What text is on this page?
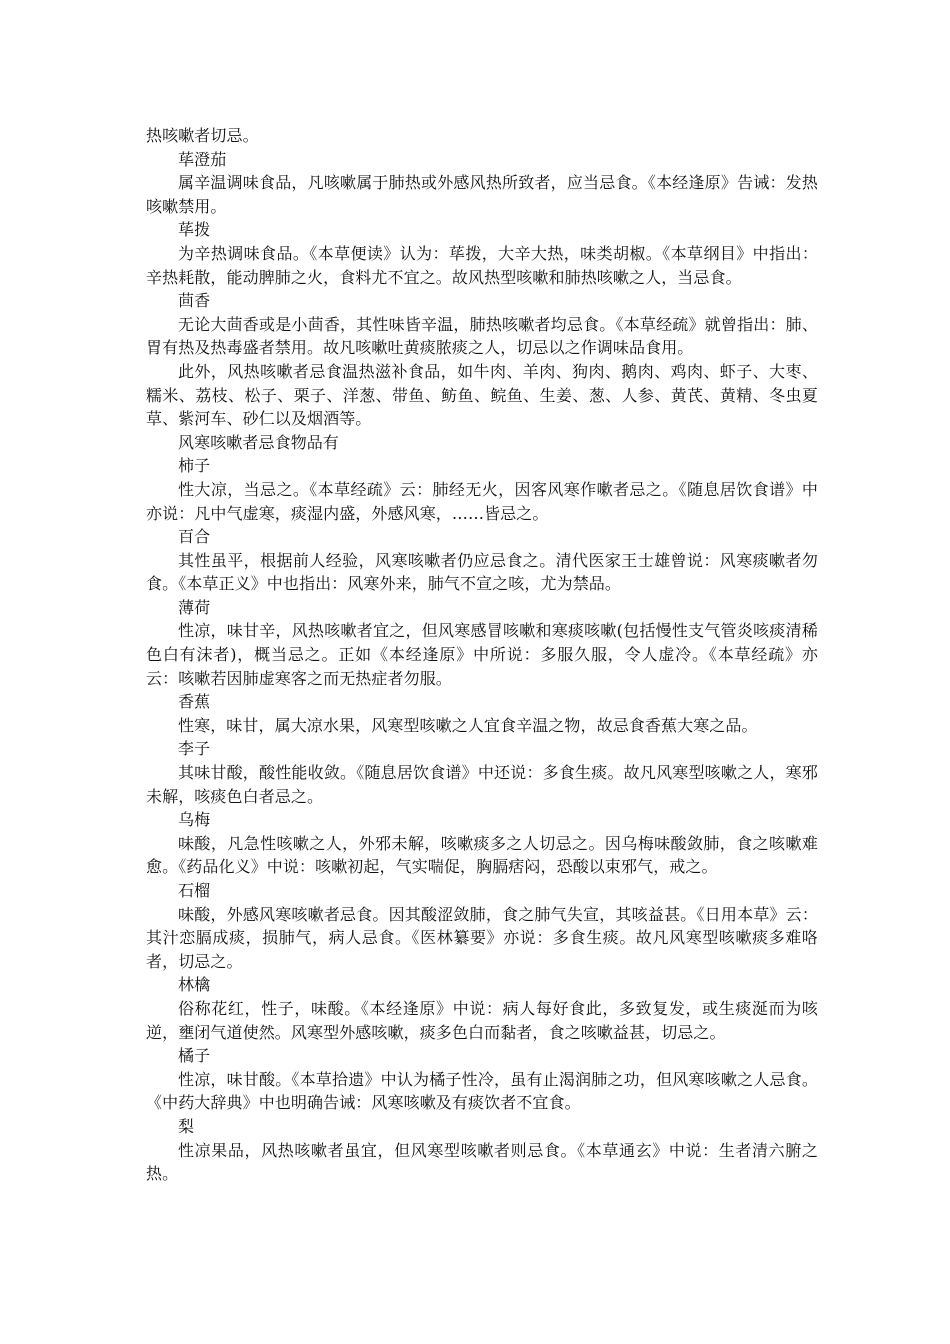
热咳嗽者切忌。

荜澄茄

属辛温调味食品，凡咳嗽属于肺热或外感风热所致者，应当忌食。《本经逢原》告诫：发热咳嗽禁用。

荜拨

为辛热调味食品。《本草便读》认为：荜拨，大辛大热，味类胡椒。《本草纲目》中指出：辛热耗散，能动脾肺之火，食料尤不宜之。故风热型咳嗽和肺热咳嗽之人，当忌食。

茴香

无论大茴香或是小茴香，其性味皆辛温，肺热咳嗽者均忌食。《本草经疏》就曾指出：肺、胃有热及热毒盛者禁用。故凡咳嗽吐黄痰脓痰之人，切忌以之作调味品食用。

此外，风热咳嗽者忌食温热滋补食品，如牛肉、羊肉、狗肉、鹅肉、鸡肉、虾子、大枣、糯米、荔枝、松子、栗子、洋葱、带鱼、鲂鱼、鲩鱼、生姜、葱、人参、黄芪、黄精、冬虫夏草、紫河车、砂仁以及烟酒等。

风寒咳嗽者忌食物品有

柿子

性大凉，当忌之。《本草经疏》云：肺经无火，因客风寒作嗽者忌之。《随息居饮食谱》中亦说：凡中气虚寒，痰湿内盛，外感风寒，……皆忌之。

百合

其性虽平，根据前人经验，风寒咳嗽者仍应忌食之。清代医家王士雄曾说：风寒痰嗽者勿食。《本草正义》中也指出：风寒外来，肺气不宣之咳，尤为禁品。

薄荷

性凉，味甘辛，风热咳嗽者宜之，但风寒感冒咳嗽和寒痰咳嗽(包括慢性支气管炎咳痰清稀色白有沫者)，概当忌之。正如《本经逢原》中所说：多服久服，令人虚冷。《本草经疏》亦云：咳嗽若因肺虚寒客之而无热症者勿服。

香蕉

性寒，味甘，属大凉水果，风寒型咳嗽之人宜食辛温之物，故忌食香蕉大寒之品。

李子

其味甘酸，酸性能收敛。《随息居饮食谱》中还说：多食生痰。故凡风寒型咳嗽之人，寒邪未解，咳痰色白者忌之。

乌梅

味酸，凡急性咳嗽之人，外邪未解，咳嗽痰多之人切忌之。因乌梅味酸敛肺，食之咳嗽难愈。《药品化义》中说：咳嗽初起，气实喘促，胸膈痞闷，恐酸以束邪气，戒之。

石榴

味酸，外感风寒咳嗽者忌食。因其酸涩敛肺，食之肺气失宣，其咳益甚。《日用本草》云：其汁恋膈成痰，损肺气，病人忌食。《医林纂要》亦说：多食生痰。故凡风寒型咳嗽痰多难咯者，切忌之。

林檎

俗称花红，性子，味酸。《本经逢原》中说：病人每好食此，多致复发，或生痰涎而为咳逆，壅闭气道使然。风寒型外感咳嗽，痰多色白而黏者，食之咳嗽益甚，切忌之。

橘子

性凉，味甘酸。《本草拾遗》中认为橘子性冷，虽有止渴润肺之功，但风寒咳嗽之人忌食。《中药大辞典》中也明确告诫：风寒咳嗽及有痰饮者不宜食。

梨

性凉果品，风热咳嗽者虽宜，但风寒型咳嗽者则忌食。《本草通玄》中说：生者清六腑之热。
